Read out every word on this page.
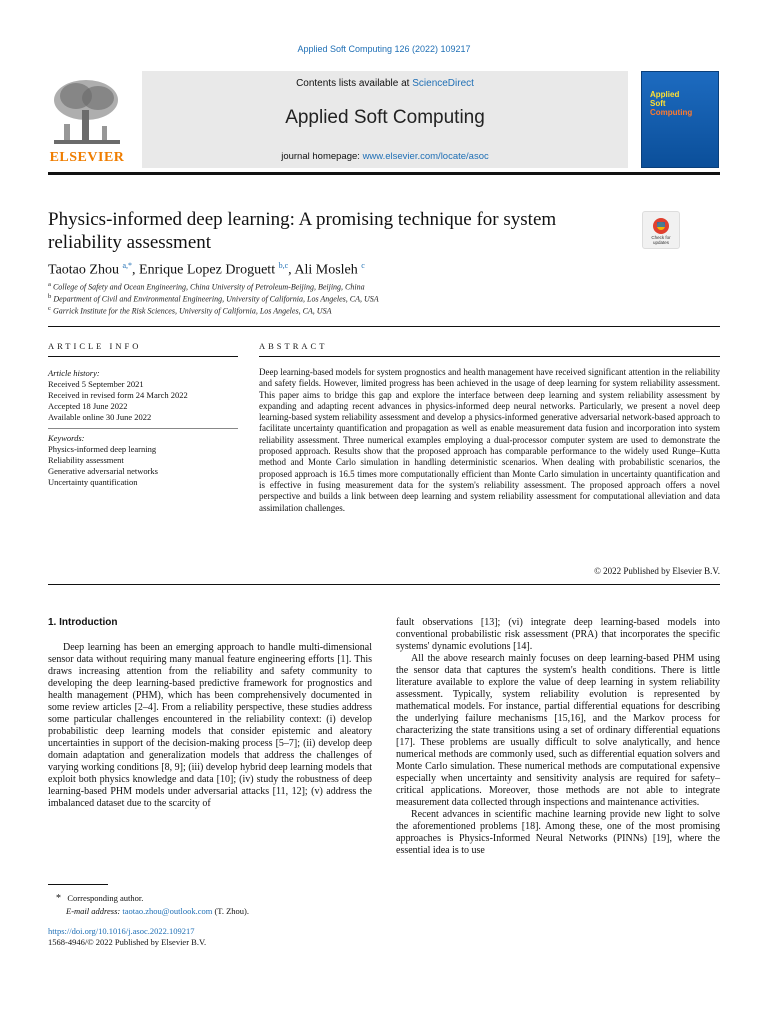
Applied Soft Computing 126 (2022) 109217
ELSEVIER
Contents lists available at ScienceDirect
Applied Soft Computing
journal homepage: www.elsevier.com/locate/asoc
Applied
Soft
Computing
Physics-informed deep learning: A promising technique for system
reliability assessment	Check for updates
Taotao Zhou $^{a,*}$, Enrique Lopez Droguett $^{b,c}$, Ali Mosleh $^c$
$^a$ College of Safety and Ocean Engineering, China University of Petroleum-Beijing, Beijing, China
$^b$ Department of Civil and Environmental Engineering, University of California, Los Angeles, CA, USA
$^c$ Garrick Institute for the Risk Sciences, University of California, Los Angeles, CA, USA
ARTICLE INFO
Article history:
Received 5 September 2021
Received in revised form 24 March 2022
Accepted 18 June 2022
Available online 30 June 2022
Keywords:
Physics-informed deep learning
Reliability assessment
Generative adversarial networks
Uncertainty quantification
ABSTRACT
Deep learning-based models for system prognostics and health management have received significant attention in the reliability and safety fields. However, limited progress has been achieved in the usage of deep learning for system reliability assessment. This paper aims to bridge this gap and explore the interface between deep learning and system reliability assessment by expanding and adapting recent advances in physics-informed deep neural networks. Particularly, we present a novel deep learning-based system reliability assessment and develop a physics-informed generative adversarial network-based approach to facilitate uncertainty quantification and propagation as well as enable measurement data fusion and incorporation into system reliability assessment. Three numerical examples employing a dual-processor computer system are used to demonstrate the proposed approach. Results show that the proposed approach has comparable performance to the widely used Runge–Kutta method and Monte Carlo simulation in handling deterministic scenarios. When dealing with probabilistic scenarios, the proposed approach is 16.5 times more computationally efficient than Monte Carlo simulation in uncertainty quantification and is effective in fusing measurement data for the system's reliability assessment. The proposed approach offers a novel perspective and builds a link between deep learning and system reliability assessment for computational alleviation and data assimilation challenges.
© 2022 Published by Elsevier B.V.
1. Introduction

Deep learning has been an emerging approach to handle multi-dimensional sensor data without requiring many manual feature engineering efforts [1]. This draws increasing attention from the reliability and safety community to developing the deep learning-based predictive framework for prognostics and health management (PHM), which has been comprehensively documented in some review articles [2–4]. From a reliability perspective, these studies address some particular challenges encountered in the reliability context: (i) develop probabilistic deep learning models that consider epistemic and aleatory uncertainties in support of the decision-making process [5–7]; (ii) develop deep domain adaptation and generalization models that address the challenges of varying working conditions [8, 9]; (iii) develop hybrid deep learning models that exploit both physics knowledge and data [10]; (iv) study the robustness of deep learning-based PHM models under adversarial attacks [11, 12]; (v) address the imbalanced dataset due to the scarcity of

fault observations [13]; (vi) integrate deep learning-based models into conventional probabilistic risk assessment (PRA) that incorporates the specific systems' dynamic evolutions [14].

All the above research mainly focuses on deep learning-based PHM using the sensor data that captures the system's health conditions. There is little literature available to explore the value of deep learning in system reliability assessment. Typically, system reliability evolution is represented by mathematical models. For instance, partial differential equations for describing the underlying failure mechanisms [15,16], and the Markov process for characterizing the state transitions using a set of ordinary differential equations [17]. These problems are usually difficult to solve analytically, and hence numerical methods are commonly used, such as differential equation solvers and Monte Carlo simulation. These numerical methods are computational expensive especially when uncertainty and sensitivity analysis are required for safety–critical applications. Moreover, those methods are not able to integrate measurement data collected through inspections and maintenance activities.

Recent advances in scientific machine learning provide new light to solve the aforementioned problems [18]. Among these, one of the most promising approaches is Physics-Informed Neural Networks (PINNs) [19], where the essential idea is to use

* Corresponding author.
E-mail address: taotao.zhou@outlook.com (T. Zhou).
https://doi.org/10.1016/j.asoc.2022.109217
1568-4946/© 2022 Published by Elsevier B.V.
